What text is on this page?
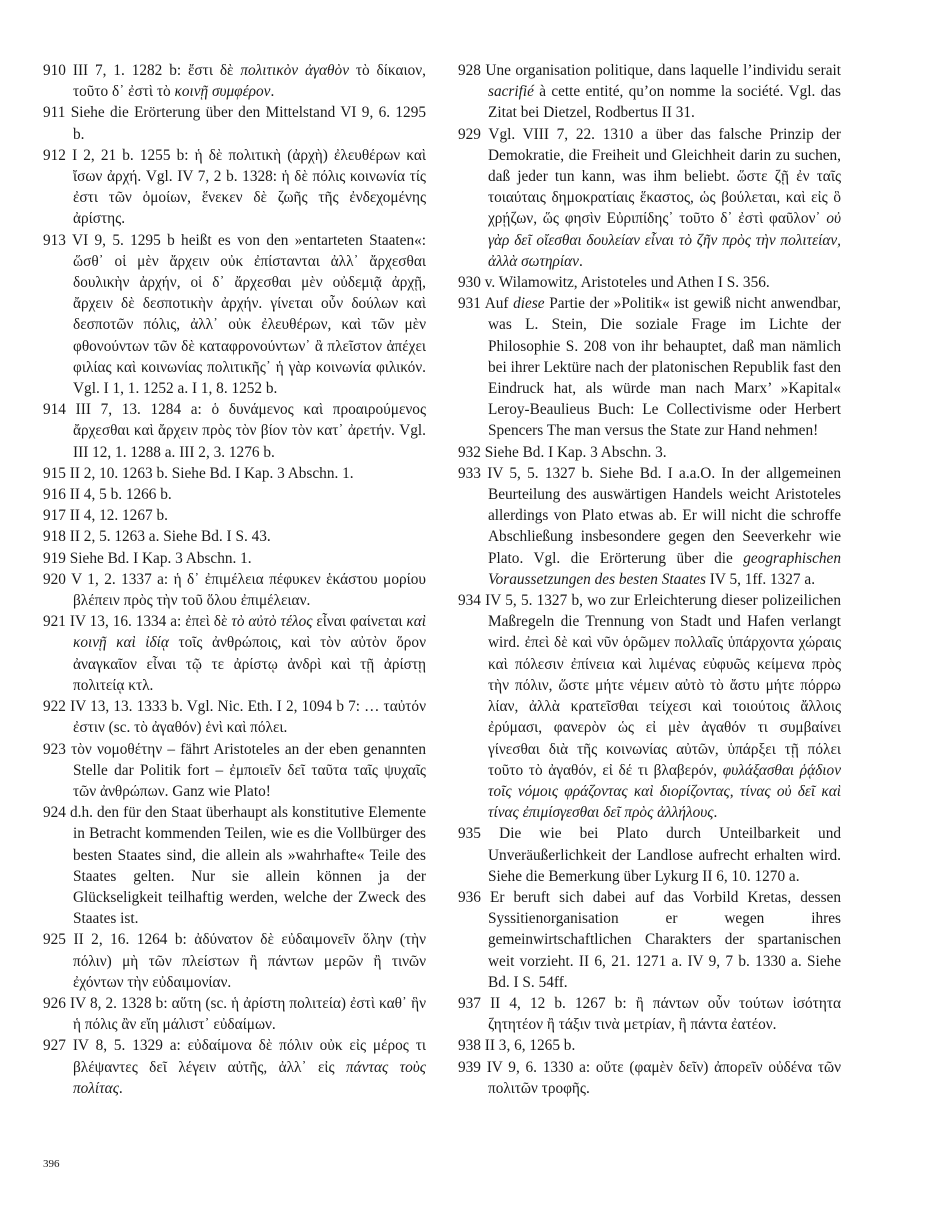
910 III 7, 1. 1282 b: ἔστι δὲ πολιτικὸν ἀγαθὸν τὸ δίκαιον, τοῦτο δ᾽ ἐστὶ τὸ κοινῇ συμφέρον.

911 Siehe die Erörterung über den Mittelstand VI 9, 6. 1295 b.

912 I 2, 21 b. 1255 b: ἡ δὲ πολιτικὴ (ἀρχὴ) ἐλευθέρων καὶ ἴσων ἀρχή. Vgl. IV 7, 2 b. 1328: ἡ δὲ πόλις κοινωνία τίς ἐστι τῶν ὁμοίων, ἕνεκεν δὲ ζωῆς τῆς ἐνδεχομένης ἀρίστης.

913 VI 9, 5. 1295 b heißt es von den »entarteten Staaten«: ὥσθ᾽ οἱ μὲν ἄρχειν οὐκ ἐπίστανται ἀλλ᾽ ἄρχεσθαι δουλικὴν ἀρχήν, οἱ δ᾽ ἄρχεσθαι μὲν οὐδεμιᾷ ἀρχῇ, ἄρχειν δὲ δεσποτικὴν ἀρχήν. γίνεται οὖν δούλων καὶ δεσποτῶν πόλις, ἀλλ᾽ οὐκ ἐλευθέρων, καὶ τῶν μὲν φθονούντων τῶν δὲ καταφρονούντων᾽ ἃ πλεῖστον ἀπέχει φιλίας καὶ κοινωνίας πολιτικῆς᾽ ἡ γὰρ κοινωνία φιλικόν. Vgl. I 1, 1. 1252 a. I 1, 8. 1252 b.

914 III 7, 13. 1284 a: ὁ δυνάμενος καὶ προαιρούμενος ἄρχεσθαι καὶ ἄρχειν πρὸς τὸν βίον τὸν κατ᾽ ἀρετήν. Vgl. III 12, 1. 1288 a. III 2, 3. 1276 b.

915 II 2, 10. 1263 b. Siehe Bd. I Kap. 3 Abschn. 1.

916 II 4, 5 b. 1266 b.

917 II 4, 12. 1267 b.

918 II 2, 5. 1263 a. Siehe Bd. I S. 43.

919 Siehe Bd. I Kap. 3 Abschn. 1.

920 V 1, 2. 1337 a: ἡ δ᾽ ἐπιμέλεια πέφυκεν ἑκάστου μορίου βλέπειν πρὸς τὴν τοῦ ὅλου ἐπιμέλειαν.

921 IV 13, 16. 1334 a: ἐπεὶ δὲ τὸ αὐτὸ τέλος εἶναι φαίνεται καὶ κοινῇ καὶ ἰδίᾳ τοῖς ἀνθρώποις, καὶ τὸν αὐτὸν ὅρον ἀναγκαῖον εἶναι τῷ τε ἀρίστῳ ἀνδρὶ καὶ τῇ ἀρίστῃ πολιτείᾳ κτλ.

922 IV 13, 13. 1333 b. Vgl. Nic. Eth. I 2, 1094 b 7: … ταὐτόν ἐστιν (sc. τὸ ἀγαθόν) ἑνὶ καὶ πόλει.

923 τὸν νομοθέτην – fährt Aristoteles an der eben genannten Stelle dar Politik fort – ἐμποιεῖν δεῖ ταῦτα ταῖς ψυχαῖς τῶν ἀνθρώπων. Ganz wie Plato!

924 d.h. den für den Staat überhaupt als konstitutive Elemente in Betracht kommenden Teilen, wie es die Vollbürger des besten Staates sind, die allein als »wahrhafte« Teile des Staates gelten. Nur sie allein können ja der Glückseligkeit teilhaftig werden, welche der Zweck des Staates ist.

925 II 2, 16. 1264 b: ἀδύνατον δὲ εὐδαιμονεῖν ὅλην (τὴν πόλιν) μὴ τῶν πλείστων ἢ πάντων μερῶν ἢ τινῶν ἐχόντων τὴν εὐδαιμονίαν.

926 IV 8, 2. 1328 b: αὕτη (sc. ἡ ἀρίστη πολιτεία) ἐστὶ καθ᾽ ἣν ἡ πόλις ἂν εἴη μάλιστ᾽ εὐδαίμων.

927 IV 8, 5. 1329 a: εὐδαίμονα δὲ πόλιν οὐκ εἰς μέρος τι βλέψαντες δεῖ λέγειν αὐτῆς, ἀλλ᾽ εἰς πάντας τοὺς πολίτας.

928 Une organisation politique, dans laquelle l’individu serait sacrifié à cette entité, qu’on nomme la société. Vgl. das Zitat bei Dietzel, Rodbertus II 31.

929 Vgl. VIII 7, 22. 1310 a über das falsche Prinzip der Demokratie, die Freiheit und Gleichheit darin zu suchen, daß jeder tun kann, was ihm beliebt. ὥστε ζῇ ἐν ταῖς τοιαύταις δημοκρατίαις ἕκαστος, ὡς βούλεται, καὶ εἰς ὃ χρῄζων, ὥς φησὶν Εὐριπίδης᾽ τοῦτο δ᾽ ἐστὶ φαῦλον᾽ οὐ γὰρ δεῖ οἴεσθαι δουλείαν εἶναι τὸ ζῆν πρὸς τὴν πολιτείαν, ἀλλὰ σωτηρίαν.

930 v. Wilamowitz, Aristoteles und Athen I S. 356.

931 Auf diese Partie der »Politik« ist gewiß nicht anwendbar, was L. Stein, Die soziale Frage im Lichte der Philosophie S. 208 von ihr behauptet, daß man nämlich bei ihrer Lektüre nach der platonischen Republik fast den Eindruck hat, als würde man nach Marx’ »Kapital« Leroy-Beaulieus Buch: Le Collectivisme oder Herbert Spencers The man versus the State zur Hand nehmen!

932 Siehe Bd. I Kap. 3 Abschn. 3.

933 IV 5, 5. 1327 b. Siehe Bd. I a.a.O. In der allgemeinen Beurteilung des auswärtigen Handels weicht Aristoteles allerdings von Plato etwas ab. Er will nicht die schroffe Abschließung insbesondere gegen den Seeverkehr wie Plato. Vgl. die Erörterung über die geographischen Voraussetzungen des besten Staates IV 5, 1ff. 1327 a.

934 IV 5, 5. 1327 b, wo zur Erleichterung dieser polizeilichen Maßregeln die Trennung von Stadt und Hafen verlangt wird. ἐπεὶ δὲ καὶ νῦν ὁρῶμεν πολλαῖς ὑπάρχοντα χώραις καὶ πόλεσιν ἐπίνεια καὶ λιμένας εὐφυῶς κείμενα πρὸς τὴν πόλιν, ὥστε μήτε νέμειν αὐτὸ τὸ ἄστυ μήτε πόρρω λίαν, ἀλλὰ κρατεῖσθαι τείχεσι καὶ τοιούτοις ἄλλοις ἐρύμασι, φανερὸν ὡς εἰ μὲν ἀγαθόν τι συμβαίνει γίνεσθαι διὰ τῆς κοινωνίας αὐτῶν, ὑπάρξει τῇ πόλει τοῦτο τὸ ἀγαθόν, εἰ δέ τι βλαβερόν, φυλάξασθαι ῥᾴδιον τοῖς νόμοις φράζοντας καὶ διορίζοντας, τίνας οὐ δεῖ καὶ τίνας ἐπιμίσγεσθαι δεῖ πρὸς ἀλλήλους.

935 Die wie bei Plato durch Unteilbarkeit und Unveräußerlichkeit der Landlose aufrecht erhalten wird. Siehe die Bemerkung über Lykurg II 6, 10. 1270 a.

936 Er beruft sich dabei auf das Vorbild Kretas, dessen Syssitienorganisation er wegen ihres gemeinwirtschaftlichen Charakters der spartanischen weit vorzieht. II 6, 21. 1271 a. IV 9, 7 b. 1330 a. Siehe Bd. I S. 54ff.

937 II 4, 12 b. 1267 b: ἢ πάντων οὖν τούτων ἰσότητα ζητητέον ἢ τάξιν τινὰ μετρίαν, ἢ πάντα ἐατέον.

938 II 3, 6, 1265 b.

939 IV 9, 6. 1330 a: οὔτε (φαμὲν δεῖν) ἀπορεῖν οὐδένα τῶν πολιτῶν τροφῆς.

396
